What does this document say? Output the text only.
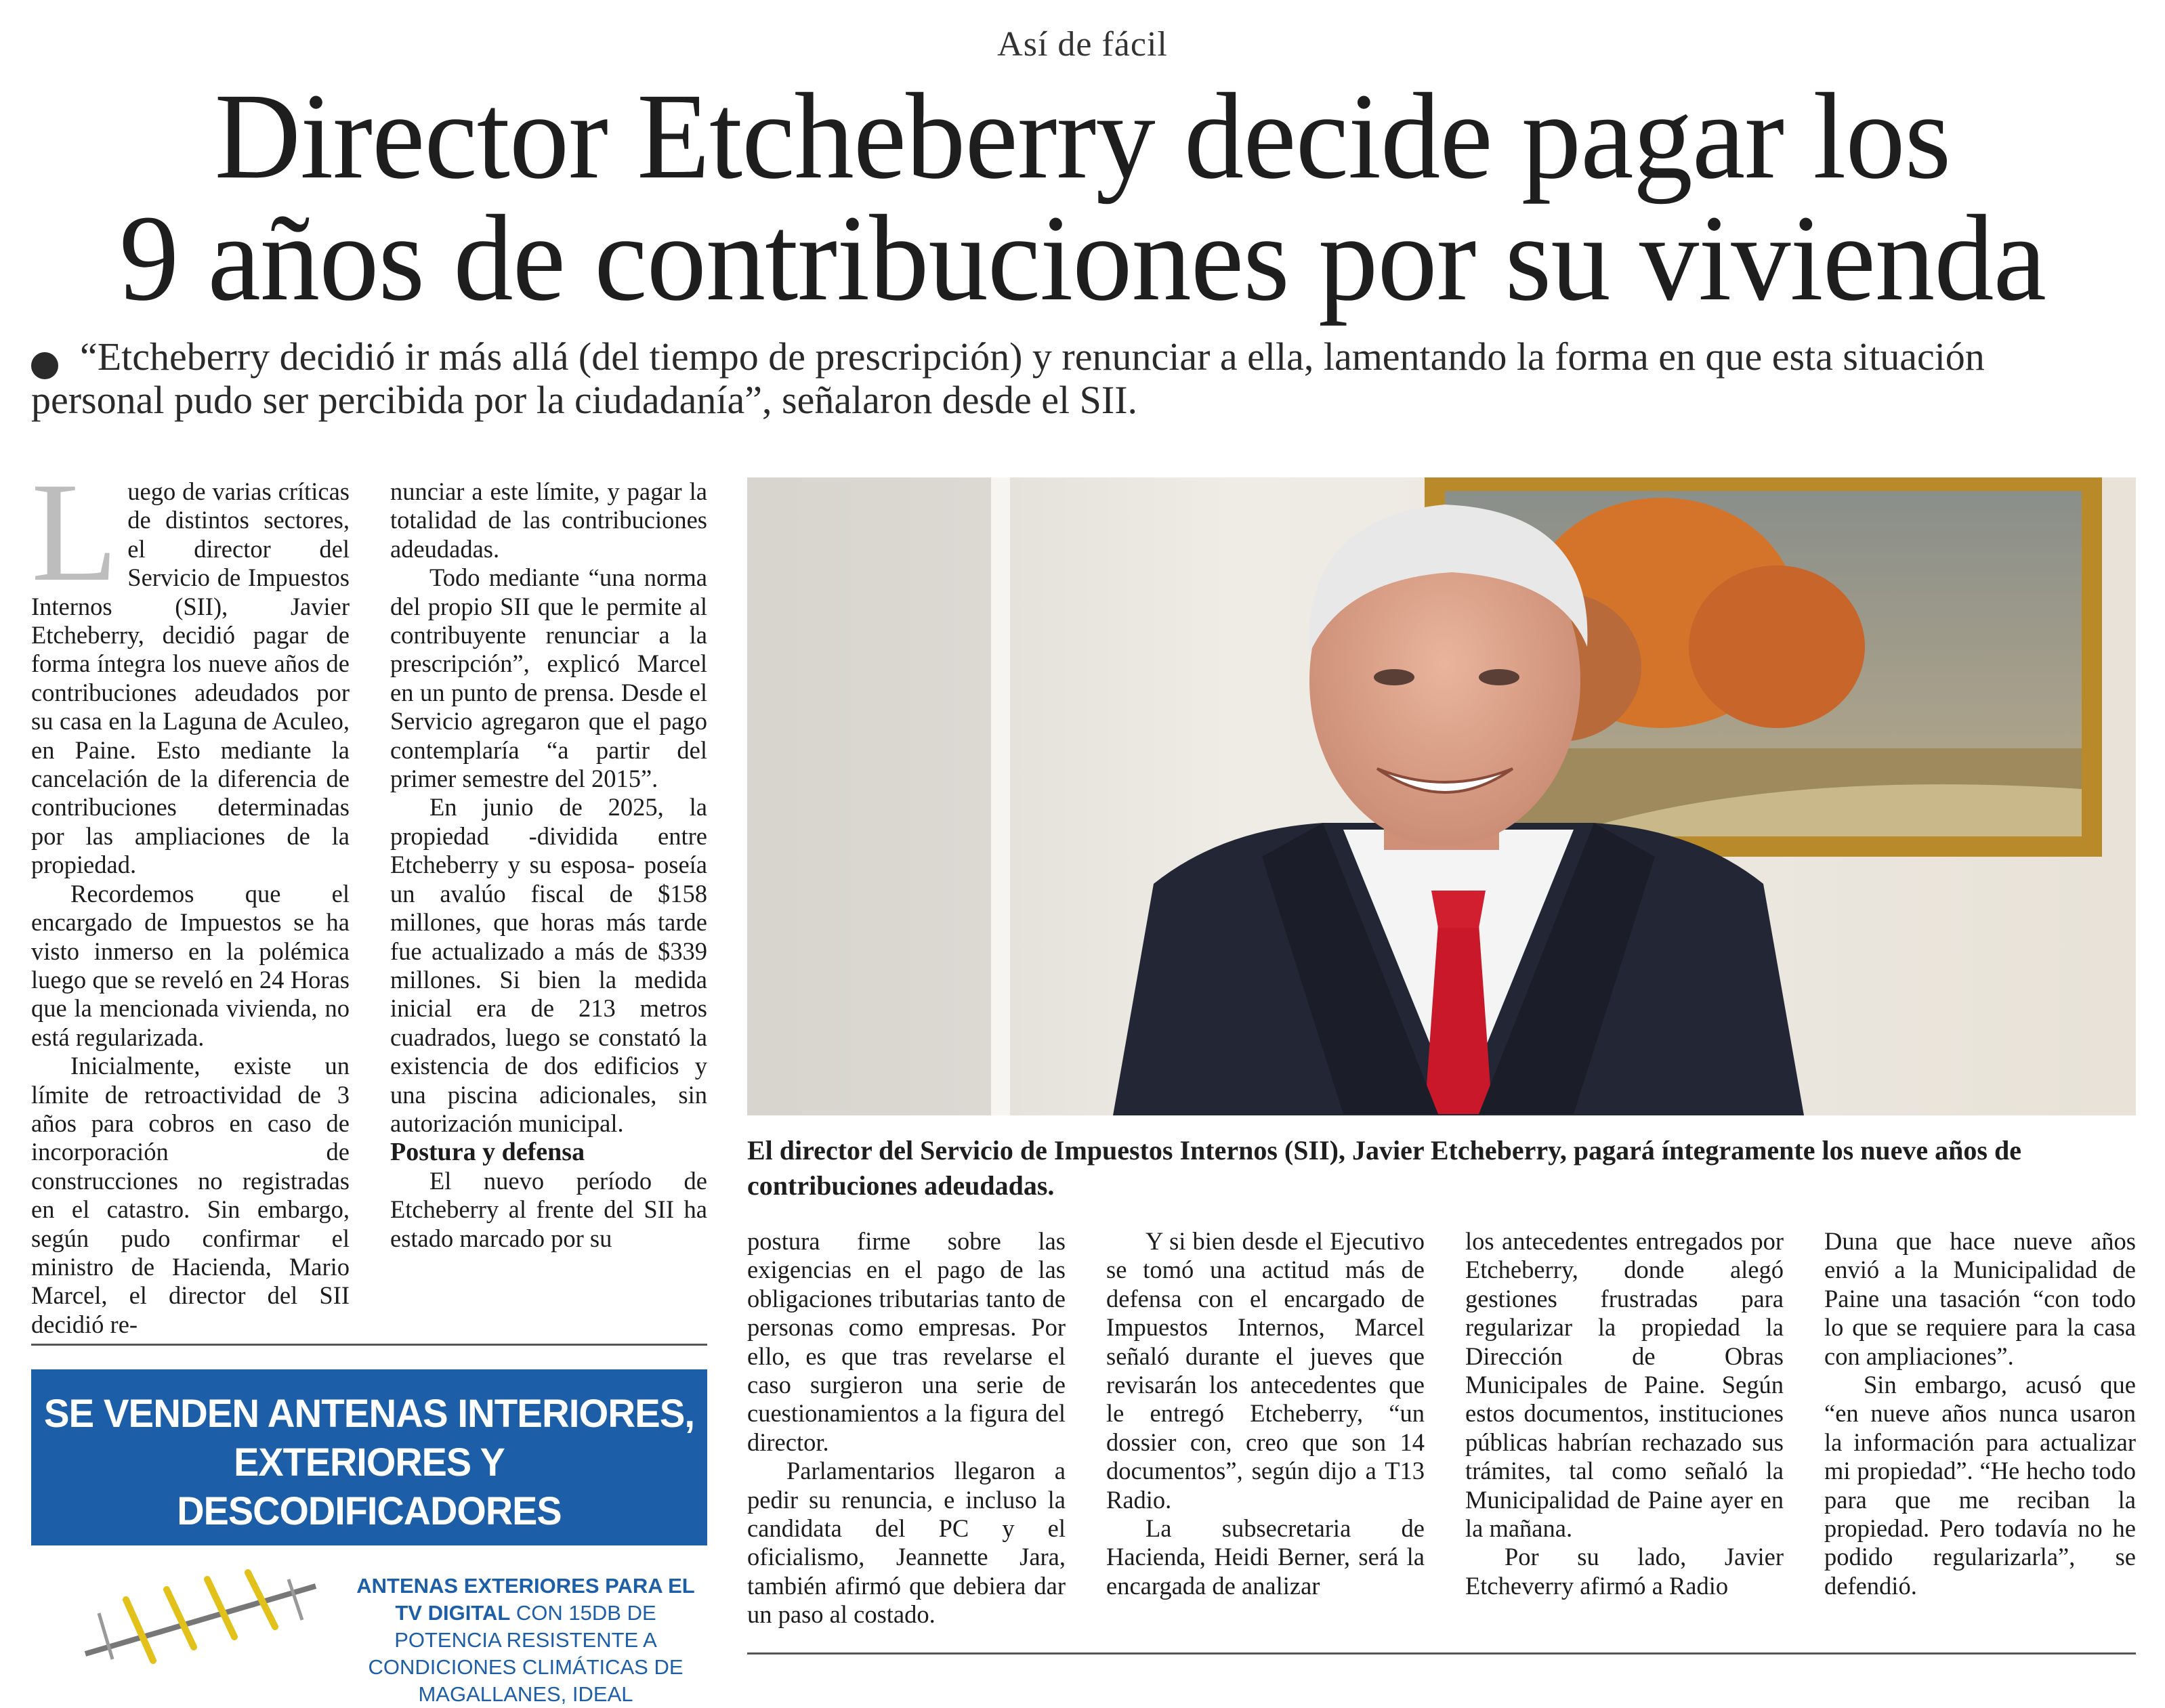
Así de fácil
Director Etcheberry decide pagar los
9 años de contribuciones por su vivienda
“Etcheberry decidió ir más allá (del tiempo de prescripción) y renunciar a ella, lamentando la forma en que esta situación personal pudo ser percibida por la ciudadanía”, señalaron desde el SII.
L uego de varias críticas de distintos sectores, el director del Servicio de Impuestos Internos (SII), Javier Etcheberry, decidió pagar de forma íntegra los nueve años de contribuciones adeudados por su casa en la Laguna de Aculeo, en Paine. Esto mediante la cancelación de la diferencia de contribuciones determinadas por las ampliaciones de la propiedad.

Recordemos que el encargado de Impuestos se ha visto inmerso en la polémica luego que se reveló en 24 Horas que la mencionada vivienda, no está regularizada.

Inicialmente, existe un límite de retroactividad de 3 años para cobros en caso de incorporación de construcciones no registradas en el catastro. Sin embargo, según pudo confirmar el ministro de Hacienda, Mario Marcel, el director del SII decidió re-

nunciar a este límite, y pagar la totalidad de las contribuciones adeudadas.

Todo mediante “una norma del propio SII que le permite al contribuyente renunciar a la prescripción”, explicó Marcel en un punto de prensa. Desde el Servicio agregaron que el pago contemplaría “a partir del primer semestre del 2015”.

En junio de 2025, la propiedad -dividida entre Etcheberry y su esposa- poseía un avalúo fiscal de $158 millones, que horas más tarde fue actualizado a más de $339 millones. Si bien la medida inicial era de 213 metros cuadrados, luego se constató la existencia de dos edificios y una piscina adicionales, sin autorización municipal.

Postura y defensa

El nuevo período de Etcheberry al frente del SII ha estado marcado por su

El director del Servicio de Impuestos Internos (SII), Javier Etcheberry, pagará íntegramente los nueve años de contribuciones adeudadas.

postura firme sobre las exigencias en el pago de las obligaciones tributarias tanto de personas como empresas. Por ello, es que tras revelarse el caso surgieron una serie de cuestionamientos a la figura del director.

Parlamentarios llegaron a pedir su renuncia, e incluso la candidata del PC y el oficialismo, Jeannette Jara, también afirmó que debiera dar un paso al costado.

Y si bien desde el Ejecutivo se tomó una actitud más de defensa con el encargado de Impuestos Internos, Marcel señaló durante el jueves que revisarán los antecedentes que le entregó Etcheberry, “un dossier con, creo que son 14 documentos”, según dijo a T13 Radio.

La subsecretaria de Hacienda, Heidi Berner, será la encargada de analizar

los antecedentes entregados por Etcheberry, donde alegó gestiones frustradas para regularizar la propiedad la Dirección de Obras Municipales de Paine. Según estos documentos, instituciones públicas habrían rechazado sus trámites, tal como señaló la Municipalidad de Paine ayer en la mañana.

Por su lado, Javier Etcheverry afirmó a Radio

Duna que hace nueve años envió a la Municipalidad de Paine una tasación “con todo lo que se requiere para la casa con ampliaciones”.

Sin embargo, acusó que “en nueve años nunca usaron la información para actualizar mi propiedad”. “He hecho todo para que me reciban la propiedad. Pero todavía no he podido regularizarla”, se defendió.

SE VENDEN ANTENAS INTERIORES,
EXTERIORES Y DESCODIFICADORES
PARA VER TV DIGITAL
ANTENAS EXTERIORES PARA EL TV DIGITAL CON 15DB DE POTENCIA RESISTENTE A CONDICIONES CLIMÁTICAS DE MAGALLANES, IDEAL
